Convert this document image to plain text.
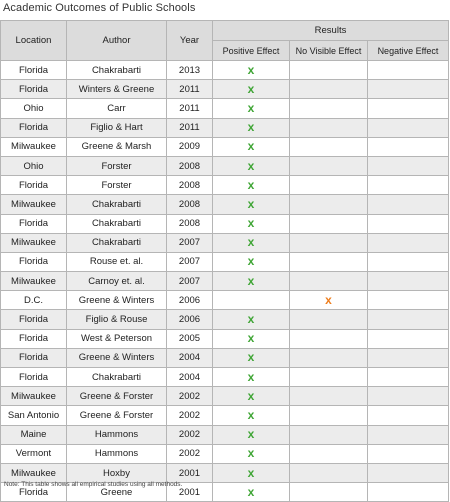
Academic Outcomes of Public Schools
Location	Author	Year	Results		
			Positive Effect	No Visible Effect	Negative Effect
Florida	Chakrabarti	2013	x		
Florida	Winters & Greene	2011	x		
Ohio	Carr	2011	x		
Florida	Figlio & Hart	2011	x		
Milwaukee	Greene & Marsh	2009	x		
Ohio	Forster	2008	x		
Florida	Forster	2008	x		
Milwaukee	Chakrabarti	2008	x		
Florida	Chakrabarti	2008	x		
Milwaukee	Chakrabarti	2007	x		
Florida	Rouse et. al.	2007	x		
Milwaukee	Carnoy et. al.	2007	x		
D.C.	Greene & Winters	2006		x	
Florida	Figlio & Rouse	2006	x		
Florida	West & Peterson	2005	x		
Florida	Greene & Winters	2004	x		
Florida	Chakrabarti	2004	x		
Milwaukee	Greene & Forster	2002	x		
San Antonio	Greene & Forster	2002	x		
Maine	Hammons	2002	x		
Vermont	Hammons	2002	x		
Milwaukee	Hoxby	2001	x		
Florida	Greene	2001	x		
Note: This table shows all empirical studies using all methods.
